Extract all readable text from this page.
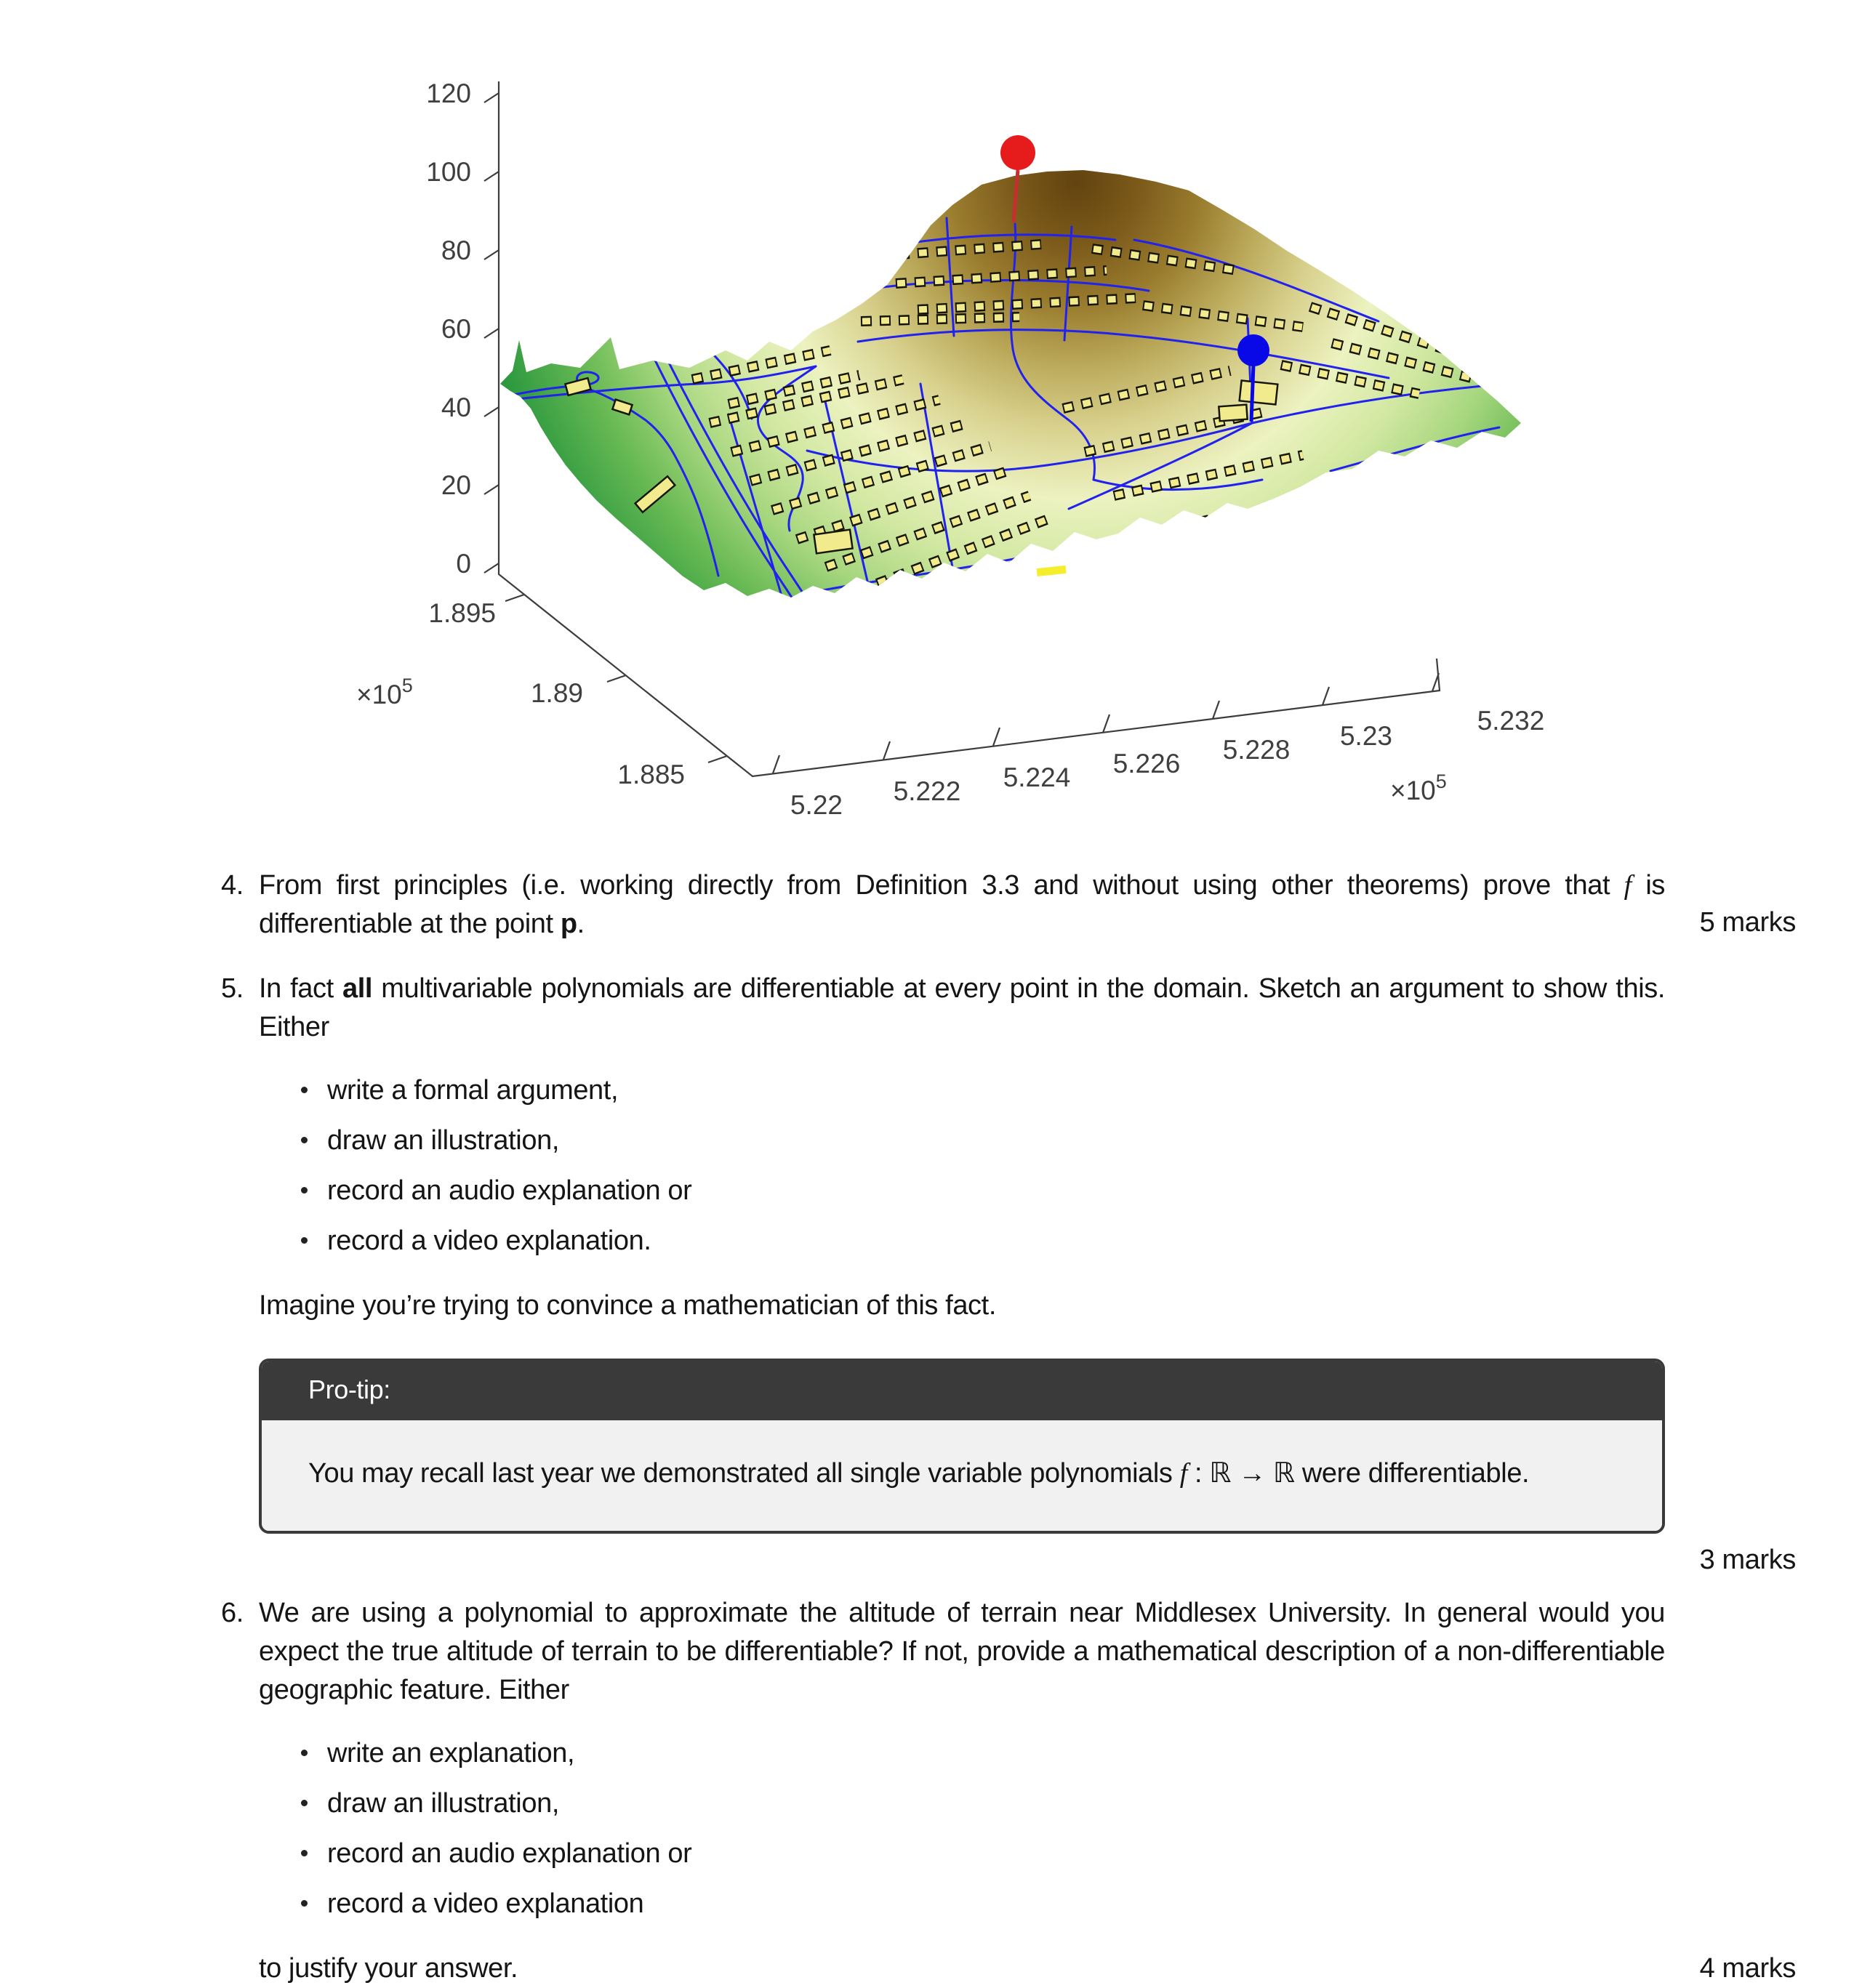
120
100
80
60
40
20
0
1.895
1.89
1.885
$\times 10^5$
5.22 5.222 5.224 5.226 5.228 5.23
5.232
$\times 10^5$
4. From first principles (i.e. working directly from Definition 3.3 and without using other theorems) prove that f is differentiable at the point p.	5 marks
5. In fact all multivariable polynomials are differentiable at every point in the domain. Sketch an argument to show this. Either

write a formal argument,
draw an illustration,
record an audio explanation or
record a video explanation.

Imagine you’re trying to convince a mathematician of this fact.

Pro-tip:
You may recall last year we demonstrated all single variable polynomials f : ℝ → ℝ were differentiable.
3 marks
6. We are using a polynomial to approximate the altitude of terrain near Middlesex University. In general would you expect the true altitude of terrain to be differentiable? If not, provide a mathematical description of a non-differentiable geographic feature. Either

write an explanation,
draw an illustration,
record an audio explanation or
record a video explanation

to justify your answer.	4 marks
